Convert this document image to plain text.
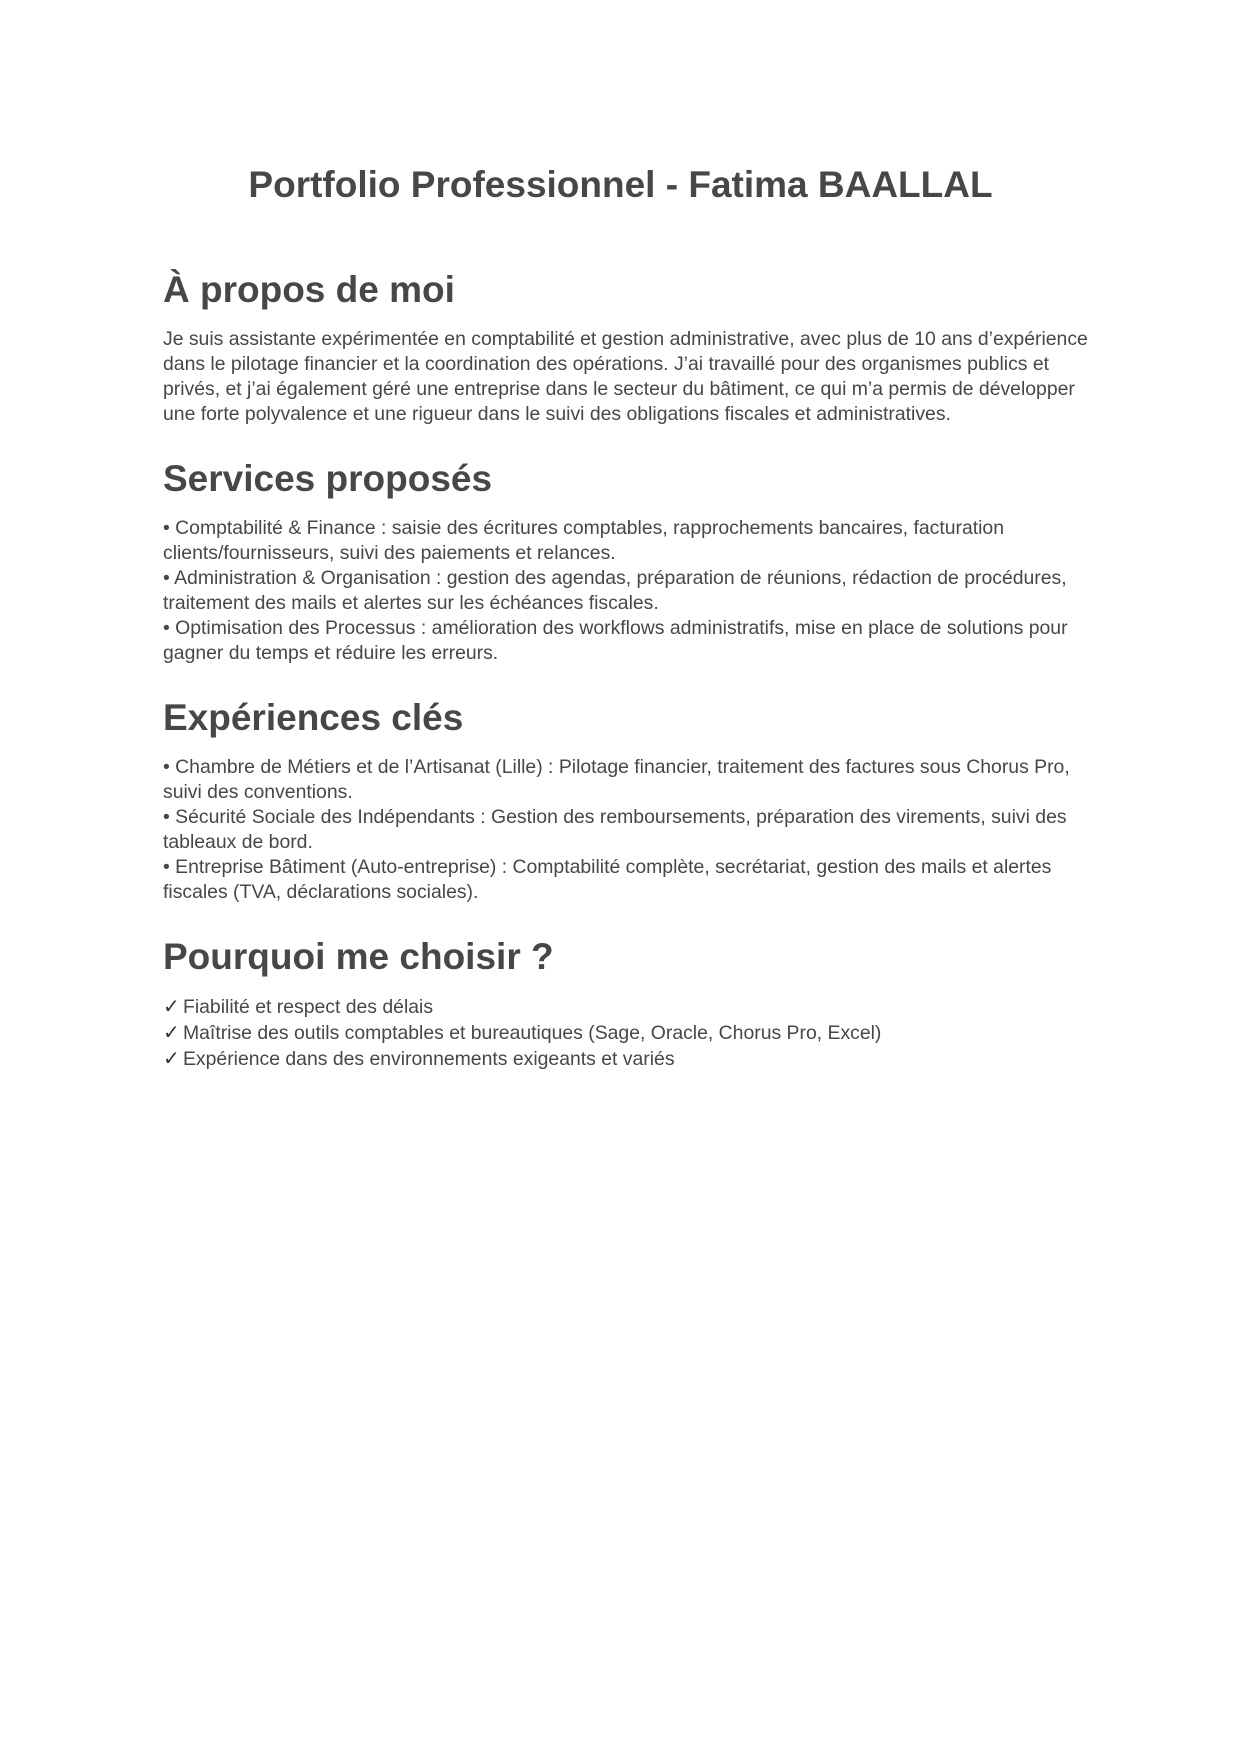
Portfolio Professionnel - Fatima BAALLAL
À propos de moi

Je suis assistante expérimentée en comptabilité et gestion administrative, avec plus de 10 ans d’expérience dans le pilotage financier et la coordination des opérations. J’ai travaillé pour des organismes publics et privés, et j’ai également géré une entreprise dans le secteur du bâtiment, ce qui m’a permis de développer une forte polyvalence et une rigueur dans le suivi des obligations fiscales et administratives.

Services proposés
• Comptabilité & Finance : saisie des écritures comptables, rapprochements bancaires, facturation clients/fournisseurs, suivi des paiements et relances.
• Administration & Organisation : gestion des agendas, préparation de réunions, rédaction de procédures, traitement des mails et alertes sur les échéances fiscales.
• Optimisation des Processus : amélioration des workflows administratifs, mise en place de solutions pour gagner du temps et réduire les erreurs.
Expériences clés
• Chambre de Métiers et de l’Artisanat (Lille) : Pilotage financier, traitement des factures sous Chorus Pro, suivi des conventions.
• Sécurité Sociale des Indépendants : Gestion des remboursements, préparation des virements, suivi des tableaux de bord.
• Entreprise Bâtiment (Auto-entreprise) : Comptabilité complète, secrétariat, gestion des mails et alertes fiscales (TVA, déclarations sociales).
Pourquoi me choisir ?
✓ Fiabilité et respect des délais
✓ Maîtrise des outils comptables et bureautiques (Sage, Oracle, Chorus Pro, Excel)
✓ Expérience dans des environnements exigeants et variés
